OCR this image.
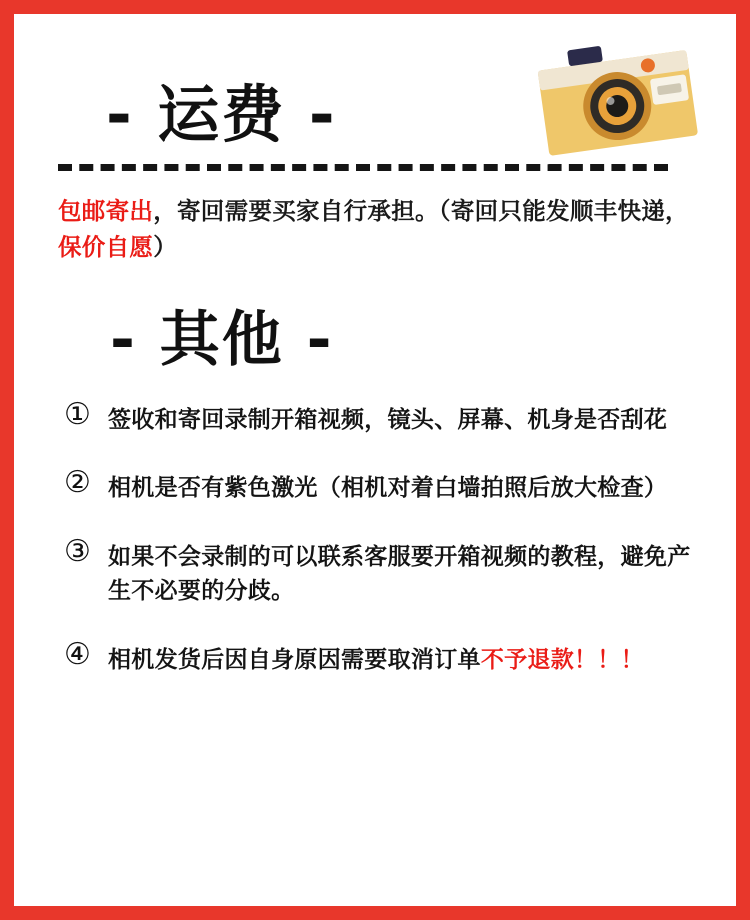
- 运费 -
包邮寄出，寄回需要买家自行承担。（寄回只能发顺丰快递，保价自愿）
- 其他 -
① 签收和寄回录制开箱视频，镜头、屏幕、机身是否刮花
② 相机是否有紫色激光（相机对着白墙拍照后放大检查）
③ 如果不会录制的可以联系客服要开箱视频的教程，避免产生不必要的分歧。
④ 相机发货后因自身原因需要取消订单不予退款！！！
